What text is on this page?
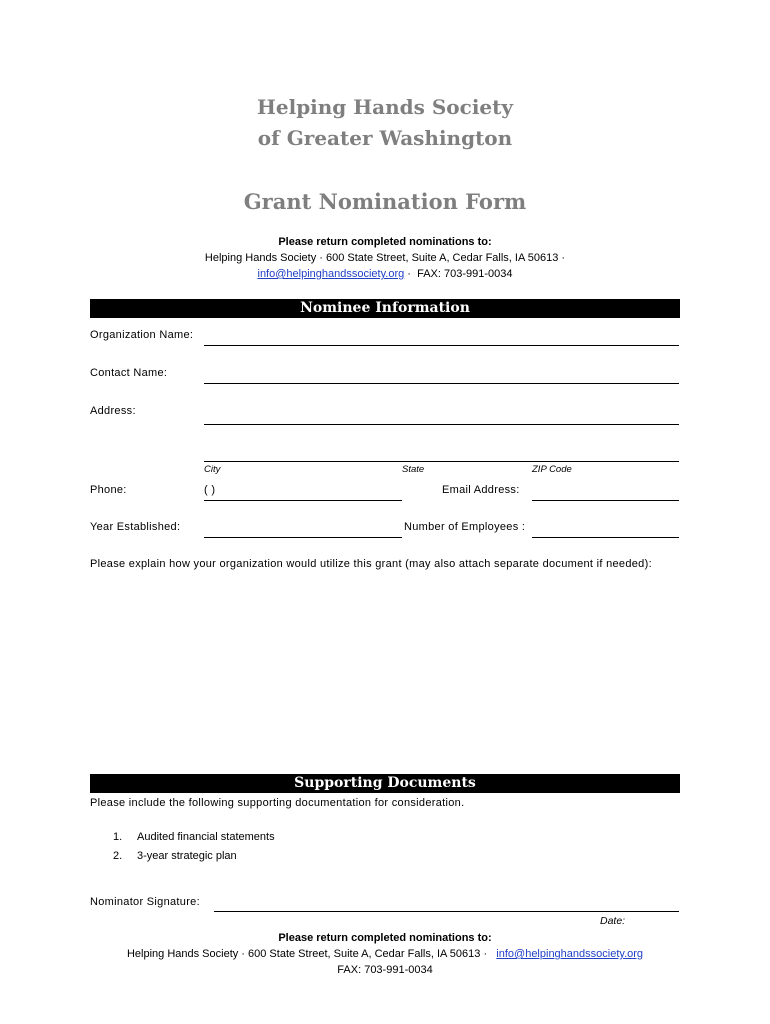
Helping Hands Society
of Greater Washington
Grant Nomination Form
Please return completed nominations to:
Helping Hands Society · 600 State Street, Suite A, Cedar Falls, IA 50613 ·
info@helpinghandssociety.org · FAX: 703-991-0034
Nominee Information
Organization Name:
Contact Name:
Address:
City	State	ZIP Code
Phone:	( )	Email Address:
Year Established:	Number of Employees :
Please explain how your organization would utilize this grant (may also attach separate document if needed):
Supporting Documents
Please include the following supporting documentation for consideration.
1. Audited financial statements
2. 3-year strategic plan
Nominator Signature:
Date:
Please return completed nominations to:
Helping Hands Society · 600 State Street, Suite A, Cedar Falls, IA 50613 · info@helpinghandssociety.org
FAX: 703-991-0034
